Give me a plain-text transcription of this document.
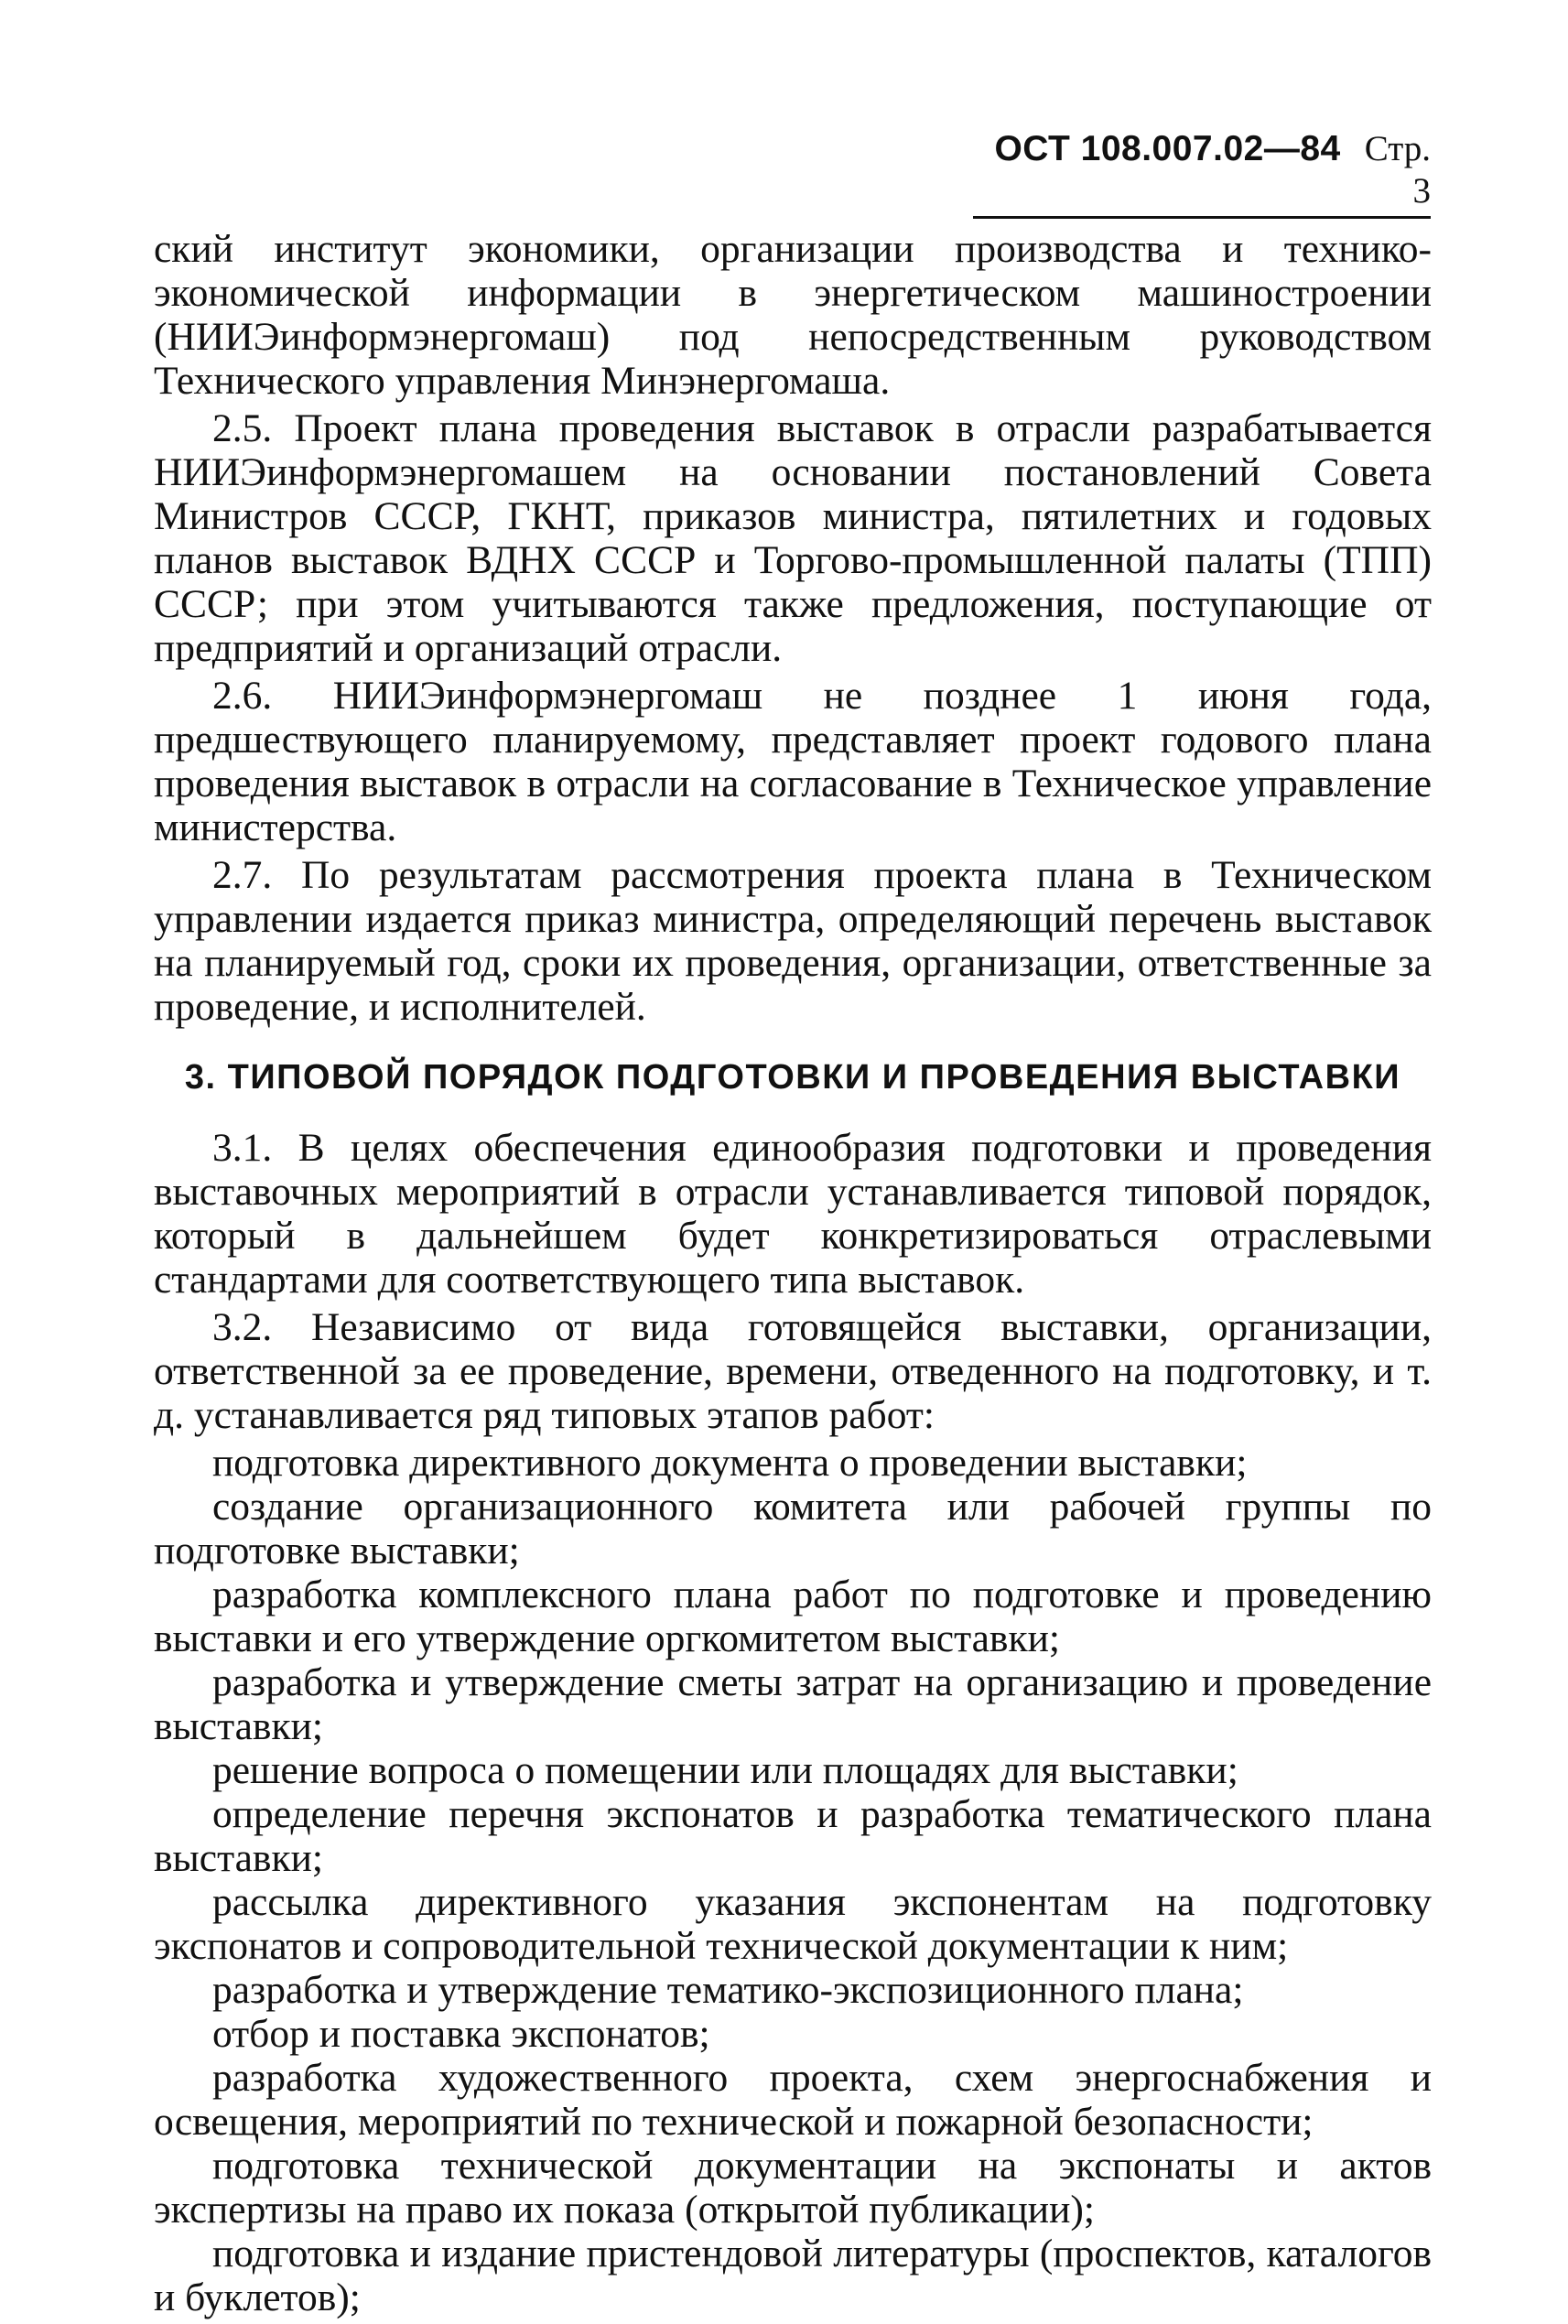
ОСТ 108.007.02—84 Стр. 3

ский институт экономики, организации производства и технико-экономической информации в энергетическом машиностроении (НИИЭинформэнергомаш) под непосредственным руководством Технического управления Минэнергомаша.

2.5. Проект плана проведения выставок в отрасли разрабатывается НИИЭинформэнергомашем на основании постановлений Совета Министров СССР, ГКНТ, приказов министра, пятилетних и годовых планов выставок ВДНХ СССР и Торгово-промышленной палаты (ТПП) СССР; при этом учитываются также предложения, поступающие от предприятий и организаций отрасли.

2.6. НИИЭинформэнергомаш не позднее 1 июня года, предшествующего планируемому, представляет проект годового плана проведения выставок в отрасли на согласование в Техническое управление министерства.

2.7. По результатам рассмотрения проекта плана в Техническом управлении издается приказ министра, определяющий перечень выставок на планируемый год, сроки их проведения, организации, ответственные за проведение, и исполнителей.

3. ТИПОВОЙ ПОРЯДОК ПОДГОТОВКИ И ПРОВЕДЕНИЯ ВЫСТАВКИ

3.1. В целях обеспечения единообразия подготовки и проведения выставочных мероприятий в отрасли устанавливается типовой порядок, который в дальнейшем будет конкретизироваться отраслевыми стандартами для соответствующего типа выставок.

3.2. Независимо от вида готовящейся выставки, организации, ответственной за ее проведение, времени, отведенного на подготовку, и т. д. устанавливается ряд типовых этапов работ:

подготовка директивного документа о проведении выставки;

создание организационного комитета или рабочей группы по подготовке выставки;

разработка комплексного плана работ по подготовке и проведению выставки и его утверждение оргкомитетом выставки;

разработка и утверждение сметы затрат на организацию и проведение выставки;

решение вопроса о помещении или площадях для выставки;

определение перечня экспонатов и разработка тематического плана выставки;

рассылка директивного указания экспонентам на подготовку экспонатов и сопроводительной технической документации к ним;

разработка и утверждение тематико-экспозиционного плана;

отбор и поставка экспонатов;

разработка художественного проекта, схем энергоснабжения и освещения, мероприятий по технической и пожарной безопасности;

подготовка технической документации на экспонаты и актов экспертизы на право их показа (открытой публикации);

подготовка и издание пристендовой литературы (проспектов, каталогов и буклетов);
